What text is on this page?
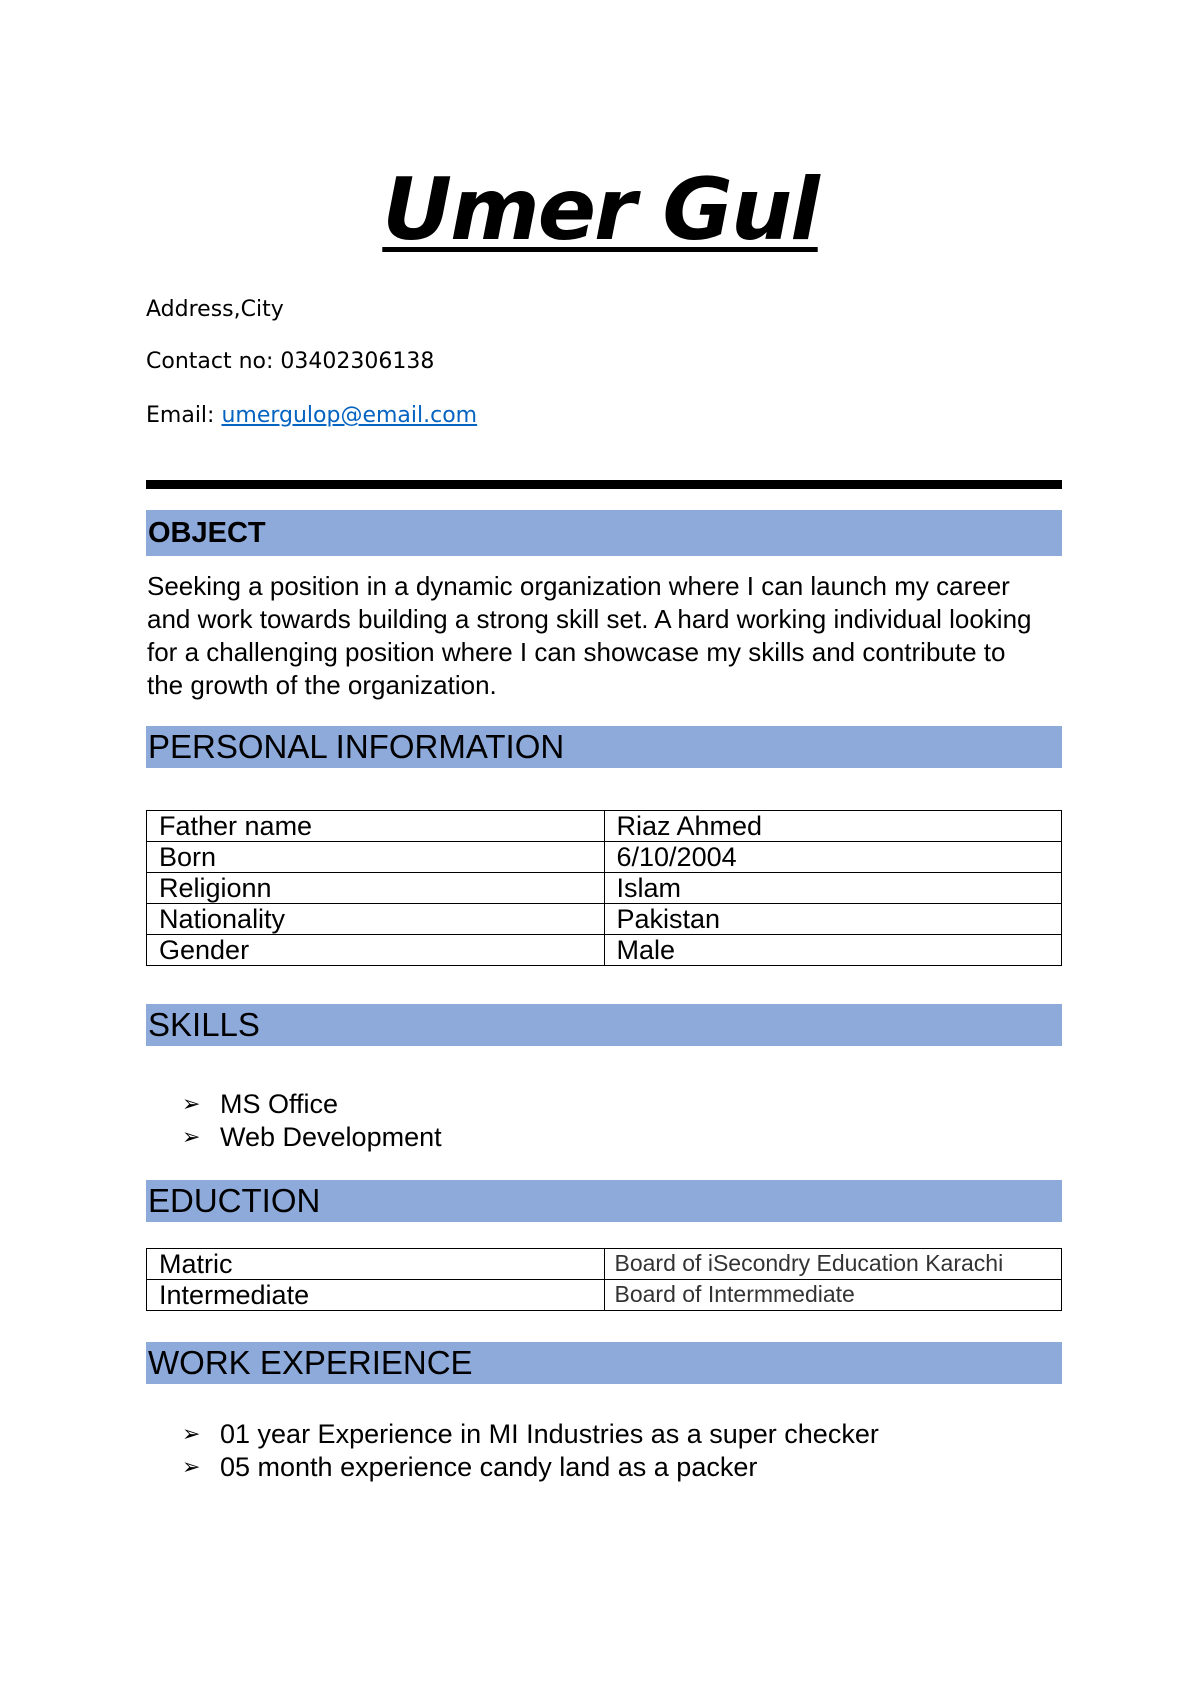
Umer Gul
Address,City
Contact no: 03402306138
Email: umergulop@email.com
OBJECT
Seeking a position in a dynamic organization where I can launch my career and work towards building a strong skill set. A hard working individual looking for a challenging position where I can showcase my skills and contribute to the growth of the organization.
PERSONAL INFORMATION
Father name	Riaz Ahmed
Born	6/10/2004
Religionn	Islam
Nationality	Pakistan
Gender	Male
SKILLS
➢ MS Office
➢ Web Development
EDUCTION
Matric	Board of iSecondry Education Karachi
Intermediate	Board of Intermmediate
WORK EXPERIENCE
➢ 01 year Experience in MI Industries as a super checker
➢ 05 month experience candy land as a packer
